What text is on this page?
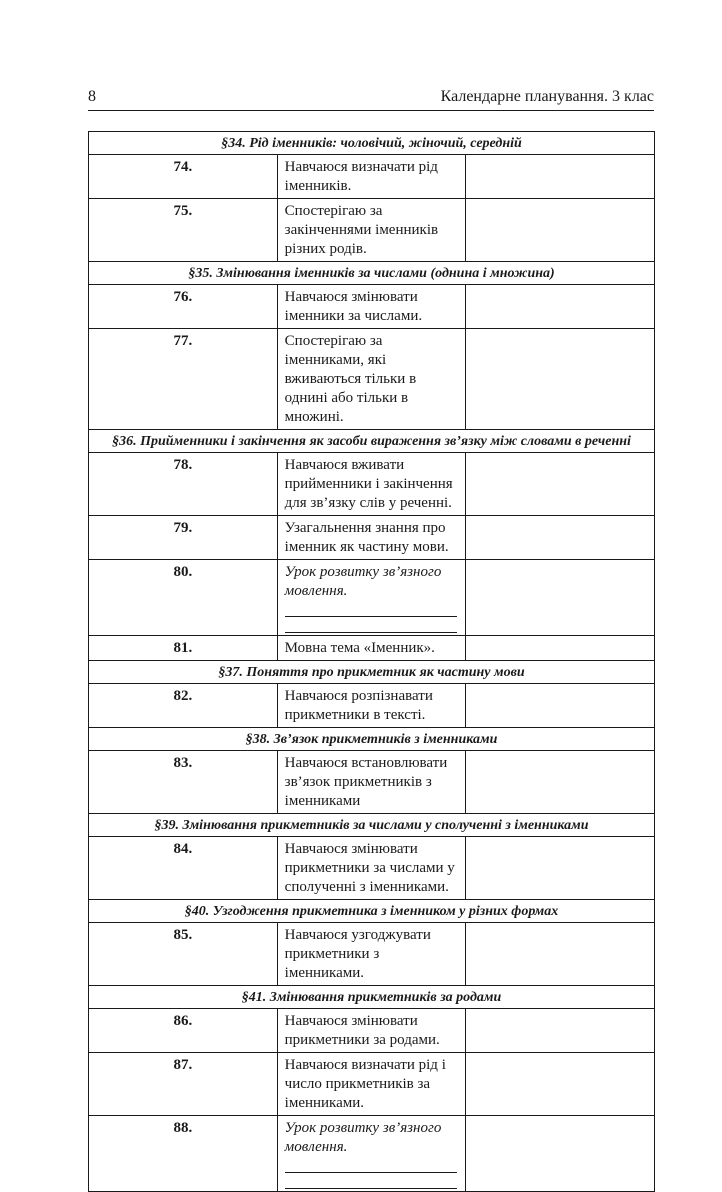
8	Календарне планування. 3 клас
§34. Рід іменників: чоловічий, жіночий, середній		
74.	Навчаюся визначати рід іменників.	

75.	Спостерігаю за закінченнями іменників різних родів.	

§35. Змінювання іменників за числами (однина і множина)		
76.	Навчаюся змінювати іменники за числами.	

77.	Спостерігаю за іменниками, які вживаються тільки в однині або тільки в множині.	

§36. Прийменники і закінчення як засоби вираження зв’язку між словами в реченні		
78.	Навчаюся вживати прийменники і закінчення для зв’язку слів у реченні.	

79.	Узагальнення знання про іменник як частину мови.	

80.	Урок розвитку зв’язного мовлення.	

81.	Мовна тема «Іменник».	

§37. Поняття про прикметник як частину мови		
82.	Навчаюся розпізнавати прикметники в тексті.	

§38. Зв’язок прикметників з іменниками		
83.	Навчаюся встановлювати зв’язок прикметників з іменниками	

§39. Змінювання прикметників за числами у сполученні з іменниками		
84.	Навчаюся змінювати прикметники за числами у сполученні з іменниками.	

§40. Узгодження прикметника з іменником у різних формах		
85.	Навчаюся узгоджувати прикметники з іменниками.	

§41. Змінювання прикметників за родами		
86.	Навчаюся змінювати прикметники за родами.	

87.	Навчаюся визначати рід і число прикметників за іменниками.	

88.	Урок розвитку зв’язного мовлення.	
